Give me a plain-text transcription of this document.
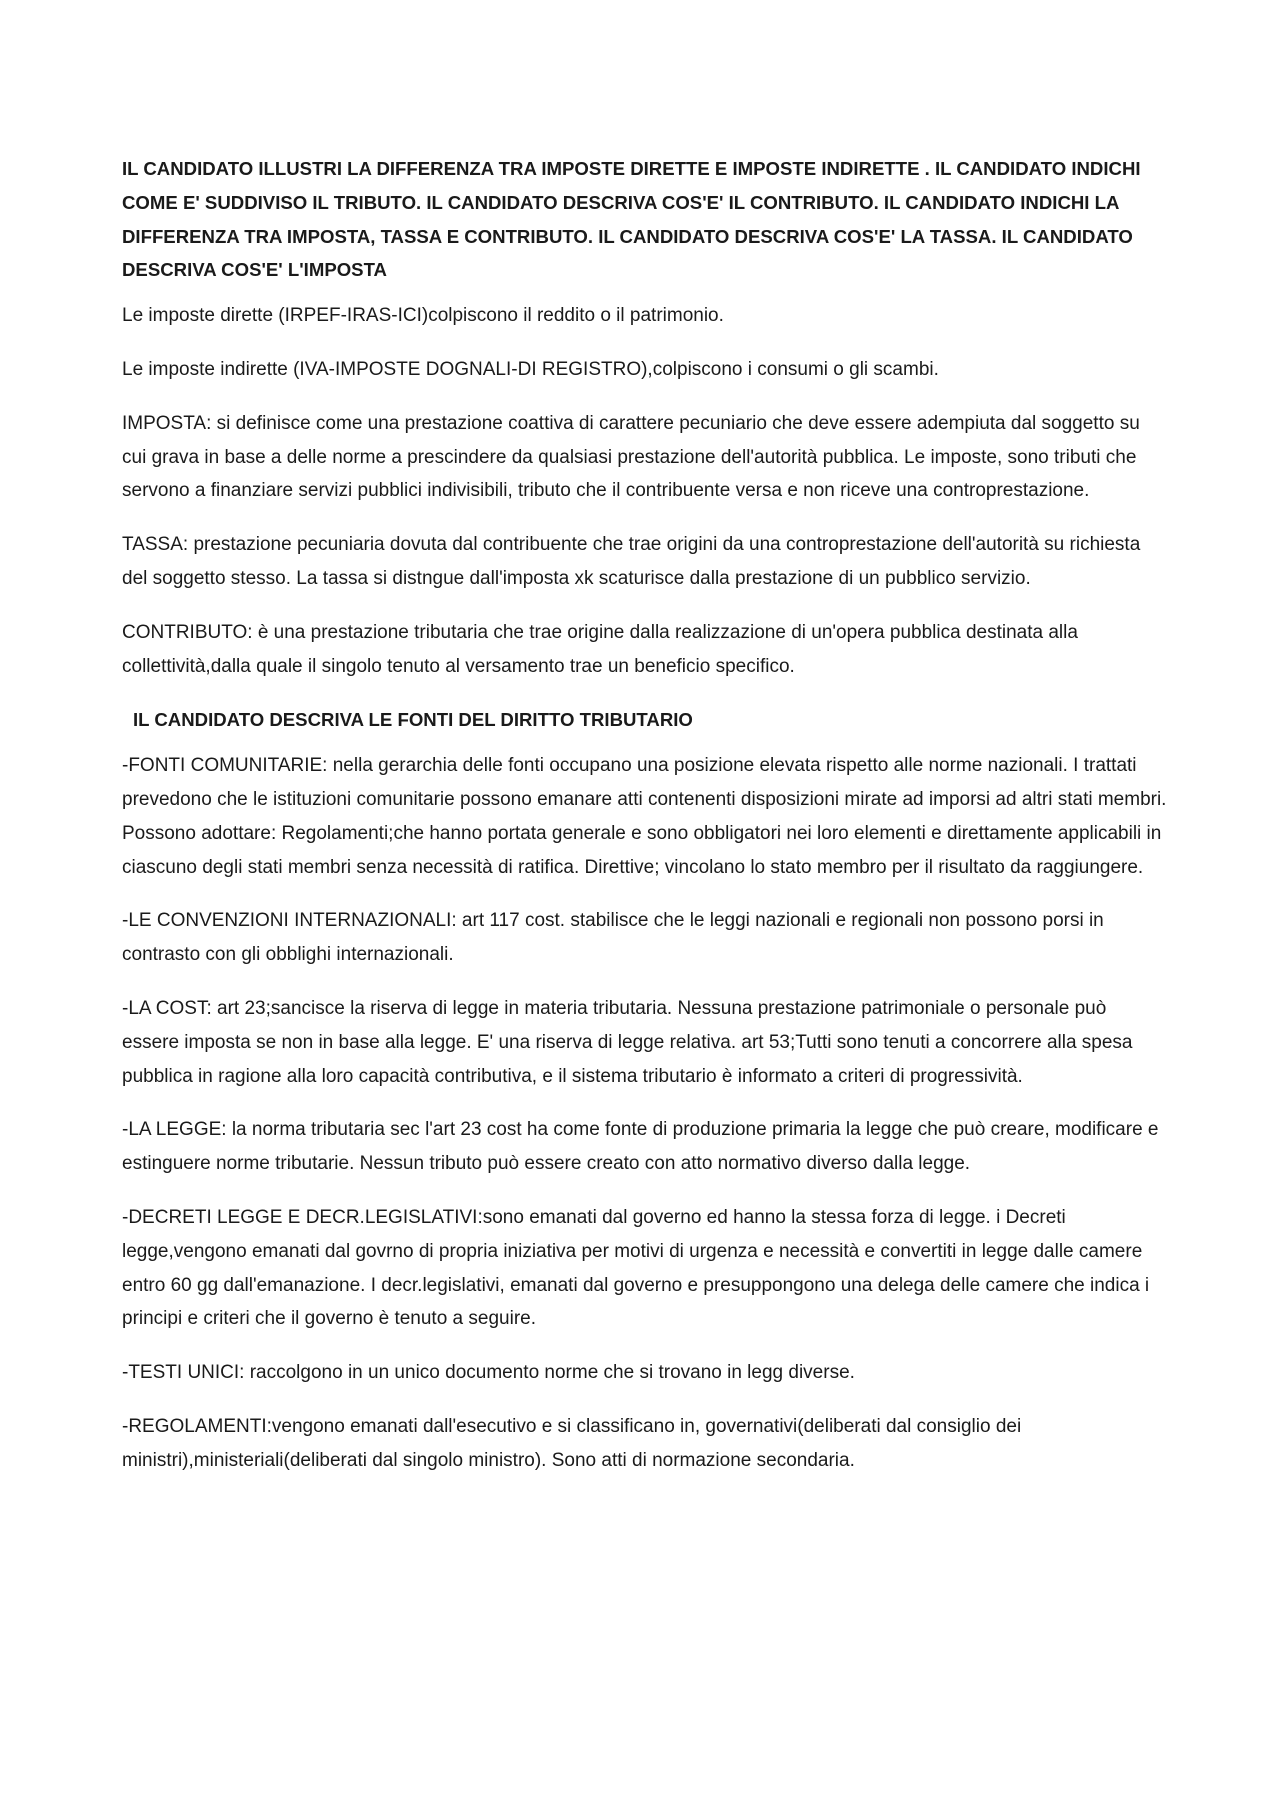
IL CANDIDATO ILLUSTRI LA DIFFERENZA TRA IMPOSTE DIRETTE E IMPOSTE INDIRETTE . IL CANDIDATO INDICHI COME E' SUDDIVISO IL TRIBUTO. IL CANDIDATO DESCRIVA COS'E' IL CONTRIBUTO. IL CANDIDATO INDICHI LA DIFFERENZA TRA IMPOSTA, TASSA E CONTRIBUTO. IL CANDIDATO DESCRIVA COS'E' LA TASSA. IL CANDIDATO DESCRIVA COS'E' L'IMPOSTA

Le imposte dirette (IRPEF-IRAS-ICI)colpiscono il reddito o il patrimonio.

Le imposte indirette (IVA-IMPOSTE DOGNALI-DI REGISTRO),colpiscono i consumi o gli scambi.

IMPOSTA: si definisce come una prestazione coattiva di carattere pecuniario che deve essere adempiuta dal soggetto su cui grava in base a delle norme a prescindere da qualsiasi prestazione dell'autorità pubblica. Le imposte, sono tributi che servono a finanziare servizi pubblici indivisibili, tributo che il contribuente versa e non riceve una controprestazione.

TASSA: prestazione pecuniaria dovuta dal contribuente che trae origini da una controprestazione dell'autorità su richiesta del soggetto stesso. La tassa si distngue dall'imposta xk scaturisce dalla prestazione di un pubblico servizio.

CONTRIBUTO: è una prestazione tributaria che trae origine dalla realizzazione di un'opera pubblica destinata alla collettività,dalla quale il singolo tenuto al versamento trae un beneficio specifico.

IL CANDIDATO DESCRIVA LE FONTI DEL DIRITTO TRIBUTARIO

-FONTI COMUNITARIE: nella gerarchia delle fonti occupano una posizione elevata rispetto alle norme nazionali. I trattati prevedono che le istituzioni comunitarie possono emanare atti contenenti disposizioni mirate ad imporsi ad altri stati membri. Possono adottare: Regolamenti;che hanno portata generale e sono obbligatori nei loro elementi e direttamente applicabili in ciascuno degli stati membri senza necessità di ratifica. Direttive; vincolano lo stato membro per il risultato da raggiungere.

-LE CONVENZIONI INTERNAZIONALI: art 117 cost. stabilisce che le leggi nazionali e regionali non possono porsi in contrasto con gli obblighi internazionali.

-LA COST: art 23;sancisce la riserva di legge in materia tributaria. Nessuna prestazione patrimoniale o personale può essere imposta se non in base alla legge. E' una riserva di legge relativa. art 53;Tutti sono tenuti a concorrere alla spesa pubblica in ragione alla loro capacità contributiva, e il sistema tributario è informato a criteri di progressività.

-LA LEGGE: la norma tributaria sec l'art 23 cost ha come fonte di produzione primaria la legge che può creare, modificare e estinguere norme tributarie. Nessun tributo può essere creato con atto normativo diverso dalla legge.

-DECRETI LEGGE E DECR.LEGISLATIVI:sono emanati dal governo ed hanno la stessa forza di legge. i Decreti legge,vengono emanati dal govrno di propria iniziativa per motivi di urgenza e necessità e convertiti in legge dalle camere entro 60 gg dall'emanazione. I decr.legislativi, emanati dal governo e presuppongono una delega delle camere che indica i principi e criteri che il governo è tenuto a seguire.

-TESTI UNICI: raccolgono in un unico documento norme che si trovano in legg diverse.

-REGOLAMENTI:vengono emanati dall'esecutivo e si classificano in, governativi(deliberati dal consiglio dei ministri),ministeriali(deliberati dal singolo ministro). Sono atti di normazione secondaria.
